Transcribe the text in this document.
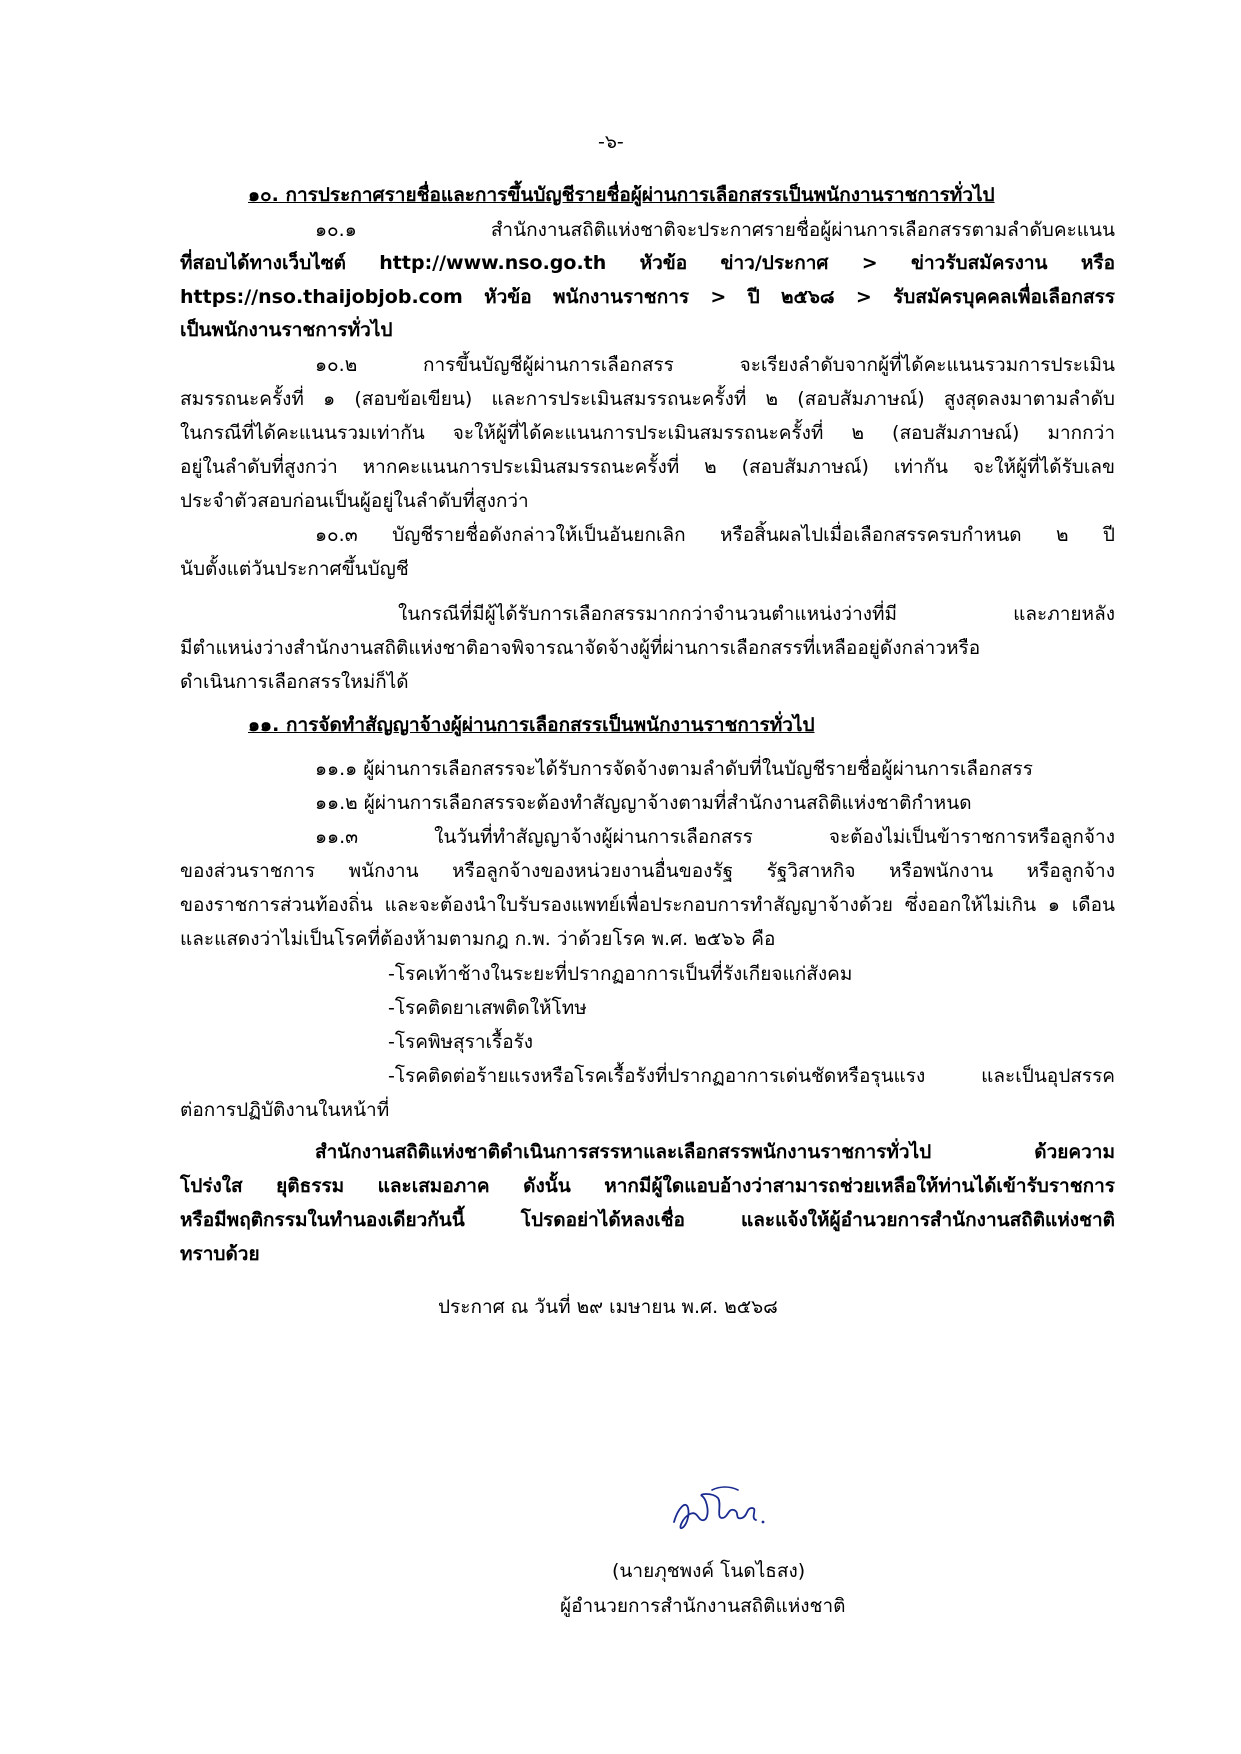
-๖-
๑๐. การประกาศรายชื่อและการขึ้นบัญชีรายชื่อผู้ผ่านการเลือกสรรเป็นพนักงานราชการทั่วไป
๑๐.๑ สำนักงานสถิติแห่งชาติจะประกาศรายชื่อผู้ผ่านการเลือกสรรตามลำดับคะแนน
ที่สอบได้ทางเว็บไซต์ http://www.nso.go.th หัวข้อ ข่าว/ประกาศ > ข่าวรับสมัครงาน หรือ
https://nso.thaijobjob.com หัวข้อ พนักงานราชการ > ปี ๒๕๖๘ > รับสมัครบุคคลเพื่อเลือกสรร
เป็นพนักงานราชการทั่วไป
๑๐.๒ การขึ้นบัญชีผู้ผ่านการเลือกสรร จะเรียงลำดับจากผู้ที่ได้คะแนนรวมการประเมิน
สมรรถนะครั้งที่ ๑ (สอบข้อเขียน) และการประเมินสมรรถนะครั้งที่ ๒ (สอบสัมภาษณ์) สูงสุดลงมาตามลำดับ
ในกรณีที่ได้คะแนนรวมเท่ากัน จะให้ผู้ที่ได้คะแนนการประเมินสมรรถนะครั้งที่ ๒ (สอบสัมภาษณ์) มากกว่า
อยู่ในลำดับที่สูงกว่า หากคะแนนการประเมินสมรรถนะครั้งที่ ๒ (สอบสัมภาษณ์) เท่ากัน จะให้ผู้ที่ได้รับเลข
ประจำตัวสอบก่อนเป็นผู้อยู่ในลำดับที่สูงกว่า
๑๐.๓ บัญชีรายชื่อดังกล่าวให้เป็นอันยกเลิก หรือสิ้นผลไปเมื่อเลือกสรรครบกำหนด ๒ ปี
นับตั้งแต่วันประกาศขึ้นบัญชี
ในกรณีที่มีผู้ได้รับการเลือกสรรมากกว่าจำนวนตำแหน่งว่างที่มี และภายหลัง
มีตำแหน่งว่างสำนักงานสถิติแห่งชาติอาจพิจารณาจัดจ้างผู้ที่ผ่านการเลือกสรรที่เหลืออยู่ดังกล่าวหรือ
ดำเนินการเลือกสรรใหม่ก็ได้
๑๑. การจัดทำสัญญาจ้างผู้ผ่านการเลือกสรรเป็นพนักงานราชการทั่วไป
๑๑.๑ ผู้ผ่านการเลือกสรรจะได้รับการจัดจ้างตามลำดับที่ในบัญชีรายชื่อผู้ผ่านการเลือกสรร
๑๑.๒ ผู้ผ่านการเลือกสรรจะต้องทำสัญญาจ้างตามที่สำนักงานสถิติแห่งชาติกำหนด
๑๑.๓ ในวันที่ทำสัญญาจ้างผู้ผ่านการเลือกสรร จะต้องไม่เป็นข้าราชการหรือลูกจ้าง
ของส่วนราชการ พนักงาน หรือลูกจ้างของหน่วยงานอื่นของรัฐ รัฐวิสาหกิจ หรือพนักงาน หรือลูกจ้าง
ของราชการส่วนท้องถิ่น และจะต้องนำใบรับรองแพทย์เพื่อประกอบการทำสัญญาจ้างด้วย ซึ่งออกให้ไม่เกิน ๑ เดือน
และแสดงว่าไม่เป็นโรคที่ต้องห้ามตามกฎ ก.พ. ว่าด้วยโรค พ.ศ. ๒๕๖๖ คือ
-โรคเท้าช้างในระยะที่ปรากฏอาการเป็นที่รังเกียจแก่สังคม
-โรคติดยาเสพติดให้โทษ
-โรคพิษสุราเรื้อรัง
-โรคติดต่อร้ายแรงหรือโรคเรื้อรังที่ปรากฏอาการเด่นชัดหรือรุนแรง และเป็นอุปสรรค
ต่อการปฏิบัติงานในหน้าที่
สำนักงานสถิติแห่งชาติดำเนินการสรรหาและเลือกสรรพนักงานราชการทั่วไป ด้วยความ
โปร่งใส ยุติธรรม และเสมอภาค ดังนั้น หากมีผู้ใดแอบอ้างว่าสามารถช่วยเหลือให้ท่านได้เข้ารับราชการ
หรือมีพฤติกรรมในทำนองเดียวกันนี้ โปรดอย่าได้หลงเชื่อ และแจ้งให้ผู้อำนวยการสำนักงานสถิติแห่งชาติ
ทราบด้วย
ประกาศ ณ วันที่ ๒๙ เมษายน พ.ศ. ๒๕๖๘
(นายภุชพงค์ โนดไธสง)
ผู้อำนวยการสำนักงานสถิติแห่งชาติ
